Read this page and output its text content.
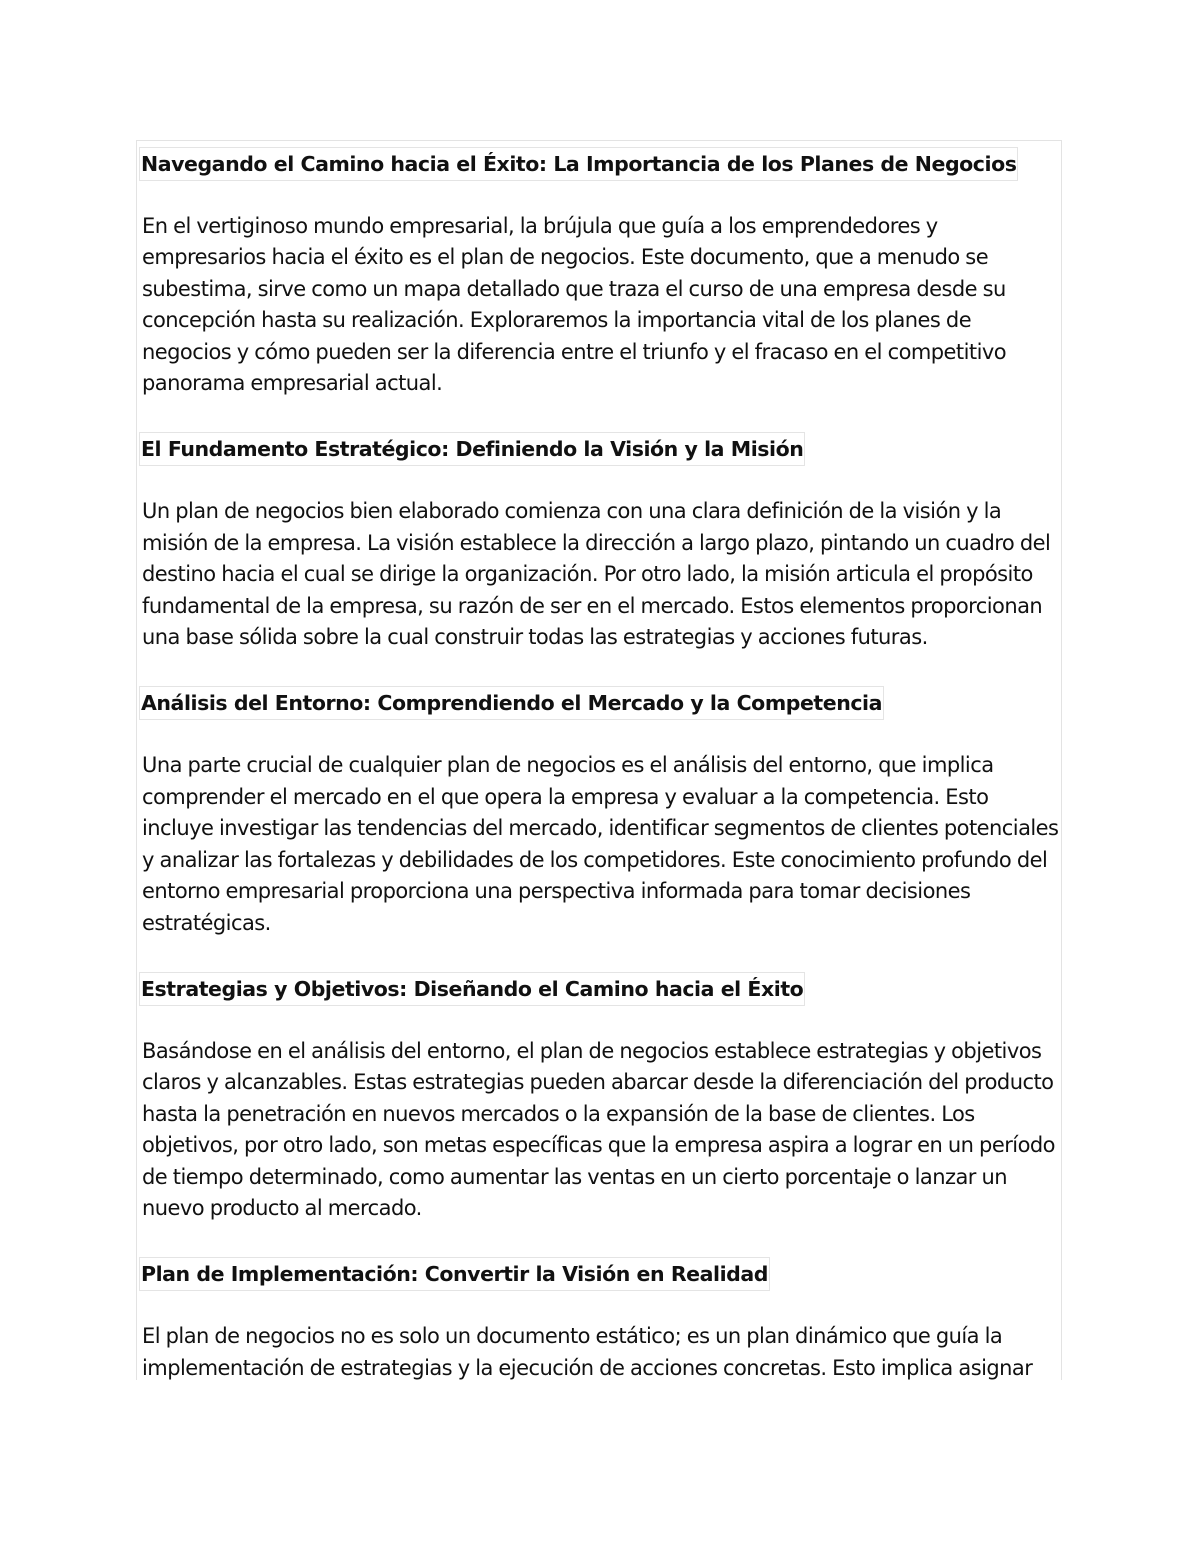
Navegando el Camino hacia el Éxito: La Importancia de los Planes de Negocios

En el vertiginoso mundo empresarial, la brújula que guía a los emprendedores y empresarios hacia el éxito es el plan de negocios. Este documento, que a menudo se subestima, sirve como un mapa detallado que traza el curso de una empresa desde su concepción hasta su realización. Exploraremos la importancia vital de los planes de negocios y cómo pueden ser la diferencia entre el triunfo y el fracaso en el competitivo panorama empresarial actual.

El Fundamento Estratégico: Definiendo la Visión y la Misión

Un plan de negocios bien elaborado comienza con una clara definición de la visión y la misión de la empresa. La visión establece la dirección a largo plazo, pintando un cuadro del destino hacia el cual se dirige la organización. Por otro lado, la misión articula el propósito fundamental de la empresa, su razón de ser en el mercado. Estos elementos proporcionan una base sólida sobre la cual construir todas las estrategias y acciones futuras.

Análisis del Entorno: Comprendiendo el Mercado y la Competencia

Una parte crucial de cualquier plan de negocios es el análisis del entorno, que implica comprender el mercado en el que opera la empresa y evaluar a la competencia. Esto incluye investigar las tendencias del mercado, identificar segmentos de clientes potenciales y analizar las fortalezas y debilidades de los competidores. Este conocimiento profundo del entorno empresarial proporciona una perspectiva informada para tomar decisiones estratégicas.

Estrategias y Objetivos: Diseñando el Camino hacia el Éxito

Basándose en el análisis del entorno, el plan de negocios establece estrategias y objetivos claros y alcanzables. Estas estrategias pueden abarcar desde la diferenciación del producto hasta la penetración en nuevos mercados o la expansión de la base de clientes. Los objetivos, por otro lado, son metas específicas que la empresa aspira a lograr en un período de tiempo determinado, como aumentar las ventas en un cierto porcentaje o lanzar un nuevo producto al mercado.

Plan de Implementación: Convertir la Visión en Realidad

El plan de negocios no es solo un documento estático; es un plan dinámico que guía la implementación de estrategias y la ejecución de acciones concretas. Esto implica asignar
